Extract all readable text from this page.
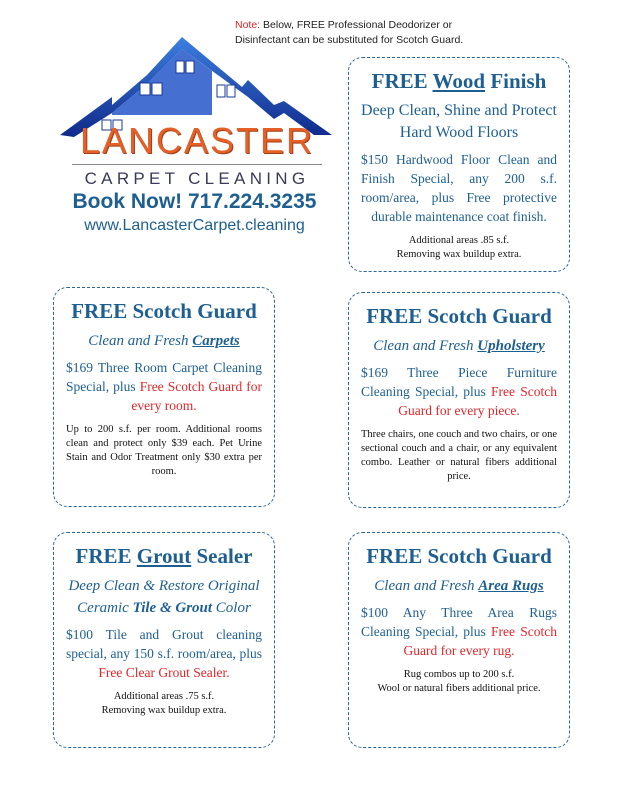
Note: Below, FREE Professional Deodorizer or Disinfectant can be substituted for Scotch Guard.
LANCASTER
CARPET CLEANING
Book Now! 717.224.3235
www.LancasterCarpet.cleaning
FREE Wood Finish
Deep Clean, Shine and Protect Hard Wood Floors
$150 Hardwood Floor Clean and Finish Special, any 200 s.f. room/area, plus Free protective durable maintenance coat finish.
Additional areas .85 s.f.
Removing wax buildup extra.
FREE Scotch Guard
Clean and Fresh Carpets
$169 Three Room Carpet Cleaning Special, plus Free Scotch Guard for every room.
Up to 200 s.f. per room. Additional rooms clean and protect only $39 each. Pet Urine Stain and Odor Treatment only $30 extra per room.
FREE Scotch Guard
Clean and Fresh Upholstery
$169 Three Piece Furniture Cleaning Special, plus Free Scotch Guard for every piece.
Three chairs, one couch and two chairs, or one sectional couch and a chair, or any equivalent combo. Leather or natural fibers additional price.
FREE Grout Sealer
Deep Clean & Restore Original Ceramic Tile & Grout Color
$100 Tile and Grout cleaning special, any 150 s.f. room/area, plus Free Clear Grout Sealer.
Additional areas .75 s.f.
Removing wax buildup extra.
FREE Scotch Guard
Clean and Fresh Area Rugs
$100 Any Three Area Rugs Cleaning Special, plus Free Scotch Guard for every rug.
Rug combos up to 200 s.f.
Wool or natural fibers additional price.
